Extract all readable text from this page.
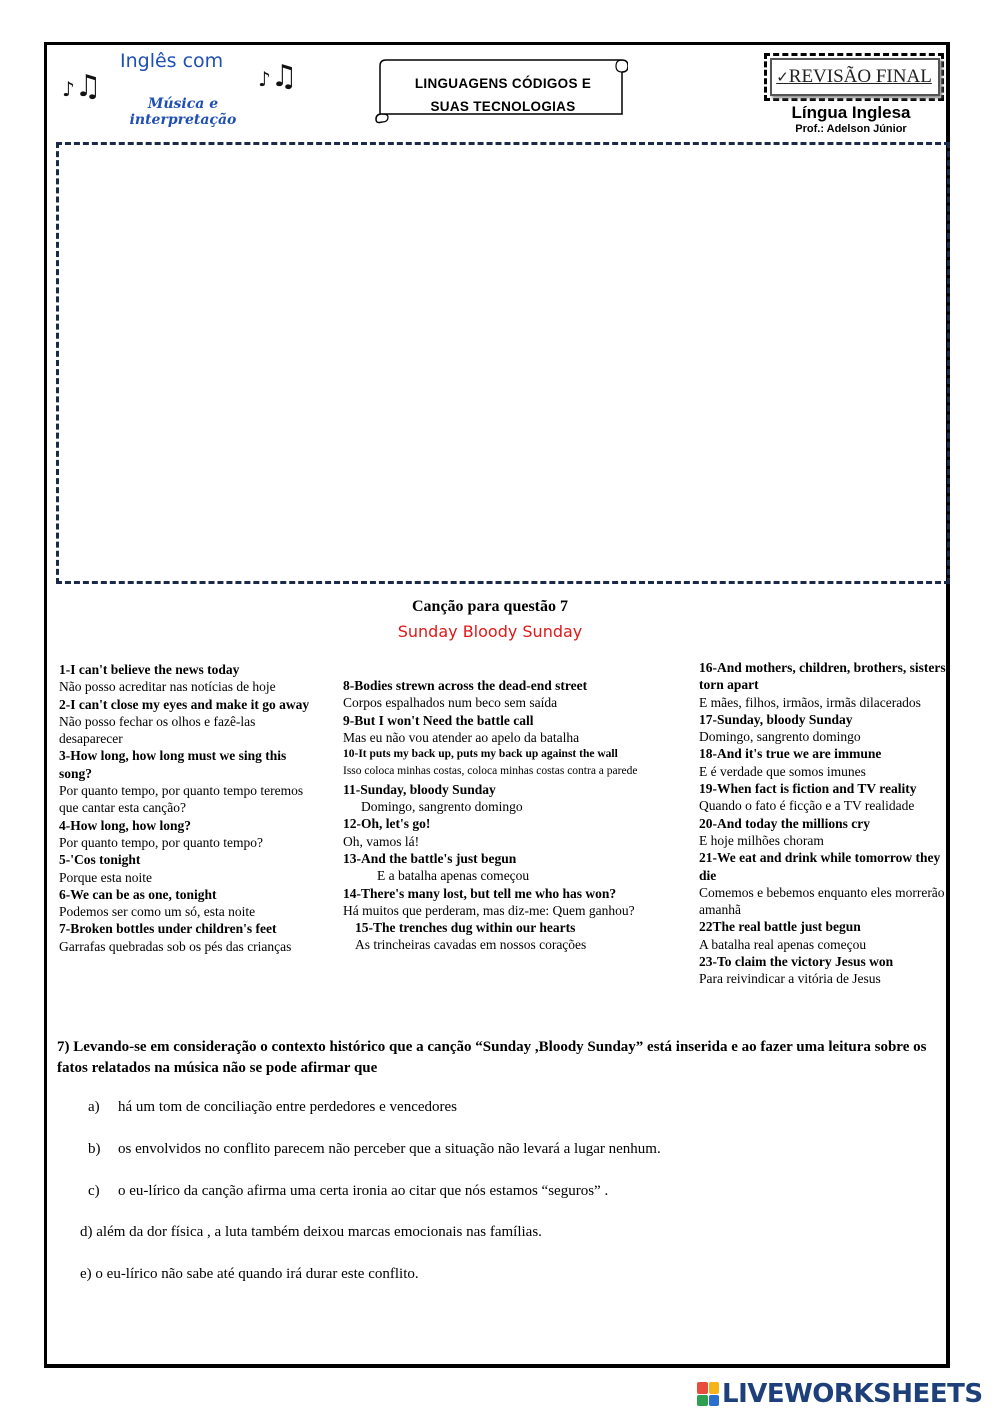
♪♫	♪♫
Inglês com
Música e interpretação
LINGUAGENS CÓDIGOS E
SUAS TECNOLOGIAS
✓REVISÃO FINAL
Língua Inglesa
Prof.: Adelson Júnior
Canção para questão 7
Sunday Bloody Sunday
1-I can't believe the news today
Não posso acreditar nas notícias de hoje
2-I can't close my eyes and make it go away
Não posso fechar os olhos e fazê-las desaparecer
3-How long, how long must we sing this song?
Por quanto tempo, por quanto tempo teremos que cantar esta canção?
4-How long, how long?
Por quanto tempo, por quanto tempo?
5-'Cos tonight
Porque esta noite
6-We can be as one, tonight
Podemos ser como um só, esta noite
7-Broken bottles under children's feet
Garrafas quebradas sob os pés das crianças
8-Bodies strewn across the dead-end street
Corpos espalhados num beco sem saída
9-But I won't Need the battle call
Mas eu não vou atender ao apelo da batalha
10-It puts my back up, puts my back up against the wall
Isso coloca minhas costas, coloca minhas costas contra a parede
11-Sunday, bloody Sunday
Domingo, sangrento domingo
12-Oh, let's go!
Oh, vamos lá!
13-And the battle's just begun
E a batalha apenas começou
14-There's many lost, but tell me who has won?
Há muitos que perderam, mas diz-me: Quem ganhou?
15-The trenches dug within our hearts
As trincheiras cavadas em nossos corações
16-And mothers, children, brothers, sisters torn apart
E mães, filhos, irmãos, irmãs dilacerados
17-Sunday, bloody Sunday
Domingo, sangrento domingo
18-And it's true we are immune
E é verdade que somos imunes
19-When fact is fiction and TV reality
Quando o fato é ficção e a TV realidade
20-And today the millions cry
E hoje milhões choram
21-We eat and drink while tomorrow they die
Comemos e bebemos enquanto eles morrerão amanhã
22The real battle just begun
A batalha real apenas começou
23-To claim the victory Jesus won
Para reivindicar a vitória de Jesus
7) Levando-se em consideração o contexto histórico que a canção “Sunday ,Bloody Sunday” está inserida e ao fazer uma leitura sobre os fatos relatados na música não se pode afirmar que
a) há um tom de conciliação entre perdedores e vencedores
b) os envolvidos no conflito parecem não perceber que a situação não levará a lugar nenhum.
c) o eu-lírico da canção afirma uma certa ironia ao citar que nós estamos “seguros” .
d) além da dor física , a luta também deixou marcas emocionais nas famílias.
e) o eu-lírico não sabe até quando irá durar este conflito.
LIVEWORKSHEETS
